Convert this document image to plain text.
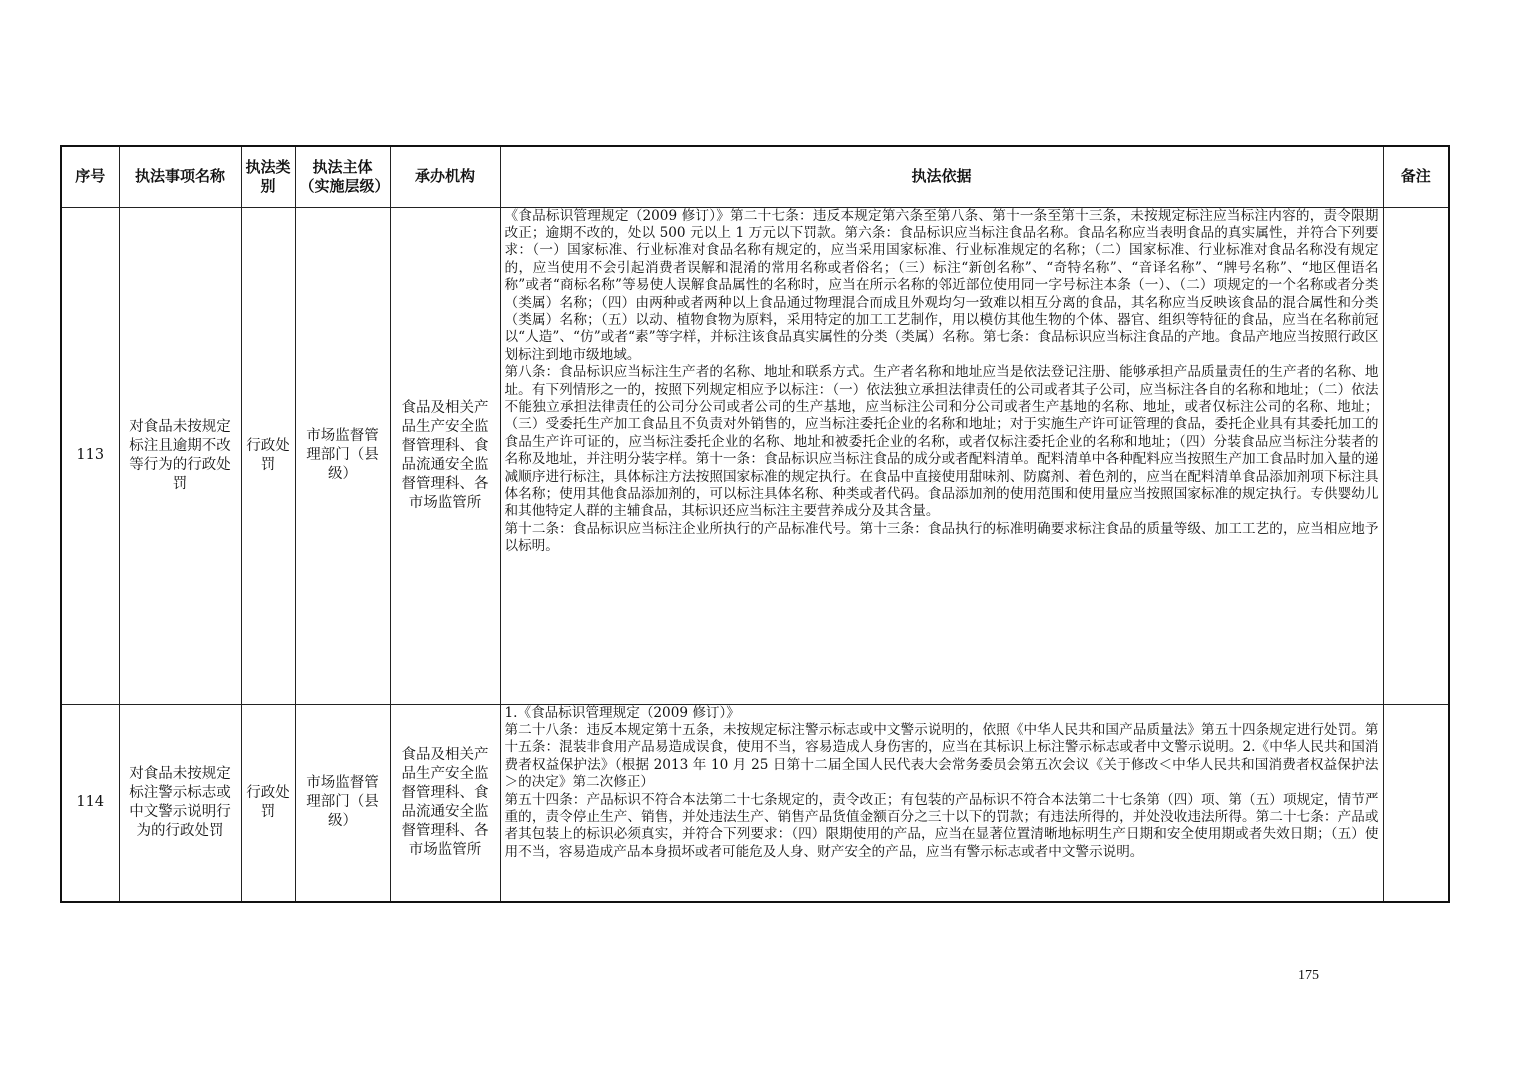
序号	执法事项名称	执法类别	执法主体（实施层级）	承办机构	执法依据	备注
113	对食品未按规定标注且逾期不改等行为的行政处罚	行政处罚	市场监督管理部门（县级）	食品及相关产品生产安全监督管理科、食品流通安全监督管理科、各市场监管所	《食品标识管理规定（2009 修订）》第二十七条：违反本规定第六条至第八条、第十一条至第十三条，未按规定标注应当标注内容的，责令限期改正；逾期不改的，处以 500 元以上 1 万元以下罚款。第六条：食品标识应当标注食品名称。食品名称应当表明食品的真实属性，并符合下列要求：（一）国家标准、行业标准对食品名称有规定的，应当采用国家标准、行业标准规定的名称；（二）国家标准、行业标准对食品名称没有规定的，应当使用不会引起消费者误解和混淆的常用名称或者俗名；（三）标注“新创名称”、“奇特名称”、“音译名称”、“牌号名称”、“地区俚语名称”或者“商标名称”等易使人误解食品属性的名称时，应当在所示名称的邻近部位使用同一字号标注本条（一）、（二）项规定的一个名称或者分类（类属）名称；（四）由两种或者两种以上食品通过物理混合而成且外观均匀一致难以相互分离的食品，其名称应当反映该食品的混合属性和分类（类属）名称；（五）以动、植物食物为原料，采用特定的加工工艺制作，用以模仿其他生物的个体、器官、组织等特征的食品，应当在名称前冠以“人造”、“仿”或者“素”等字样，并标注该食品真实属性的分类（类属）名称。第七条：食品标识应当标注食品的产地。食品产地应当按照行政区划标注到地市级地域。

第八条：食品标识应当标注生产者的名称、地址和联系方式。生产者名称和地址应当是依法登记注册、能够承担产品质量责任的生产者的名称、地址。有下列情形之一的，按照下列规定相应予以标注：（一）依法独立承担法律责任的公司或者其子公司，应当标注各自的名称和地址；（二）依法不能独立承担法律责任的公司分公司或者公司的生产基地，应当标注公司和分公司或者生产基地的名称、地址，或者仅标注公司的名称、地址；（三）受委托生产加工食品且不负责对外销售的，应当标注委托企业的名称和地址；对于实施生产许可证管理的食品，委托企业具有其委托加工的食品生产许可证的，应当标注委托企业的名称、地址和被委托企业的名称，或者仅标注委托企业的名称和地址；（四）分装食品应当标注分装者的名称及地址，并注明分装字样。第十一条：食品标识应当标注食品的成分或者配料清单。配料清单中各种配料应当按照生产加工食品时加入量的递减顺序进行标注，具体标注方法按照国家标准的规定执行。在食品中直接使用甜味剂、防腐剂、着色剂的，应当在配料清单食品添加剂项下标注具体名称；使用其他食品添加剂的，可以标注具体名称、种类或者代码。食品添加剂的使用范围和使用量应当按照国家标准的规定执行。专供婴幼儿和其他特定人群的主辅食品，其标识还应当标注主要营养成分及其含量。

第十二条：食品标识应当标注企业所执行的产品标准代号。第十三条：食品执行的标准明确要求标注食品的质量等级、加工工艺的，应当相应地予以标明。	

114	对食品未按规定标注警示标志或中文警示说明行为的行政处罚	行政处罚	市场监督管理部门（县级）	食品及相关产品生产安全监督管理科、食品流通安全监督管理科、各市场监管所	1.《食品标识管理规定（2009 修订）》

第二十八条：违反本规定第十五条，未按规定标注警示标志或中文警示说明的，依照《中华人民共和国产品质量法》第五十四条规定进行处罚。第十五条：混装非食用产品易造成误食，使用不当，容易造成人身伤害的，应当在其标识上标注警示标志或者中文警示说明。2.《中华人民共和国消费者权益保护法》（根据 2013 年 10 月 25 日第十二届全国人民代表大会常务委员会第五次会议《关于修改＜中华人民共和国消费者权益保护法＞的决定》第二次修正）

第五十四条：产品标识不符合本法第二十七条规定的，责令改正；有包装的产品标识不符合本法第二十七条第（四）项、第（五）项规定，情节严重的，责令停止生产、销售，并处违法生产、销售产品货值金额百分之三十以下的罚款；有违法所得的，并处没收违法所得。第二十七条：产品或者其包装上的标识必须真实，并符合下列要求：（四）限期使用的产品，应当在显著位置清晰地标明生产日期和安全使用期或者失效日期；（五）使用不当，容易造成产品本身损坏或者可能危及人身、财产安全的产品，应当有警示标志或者中文警示说明。	

175
